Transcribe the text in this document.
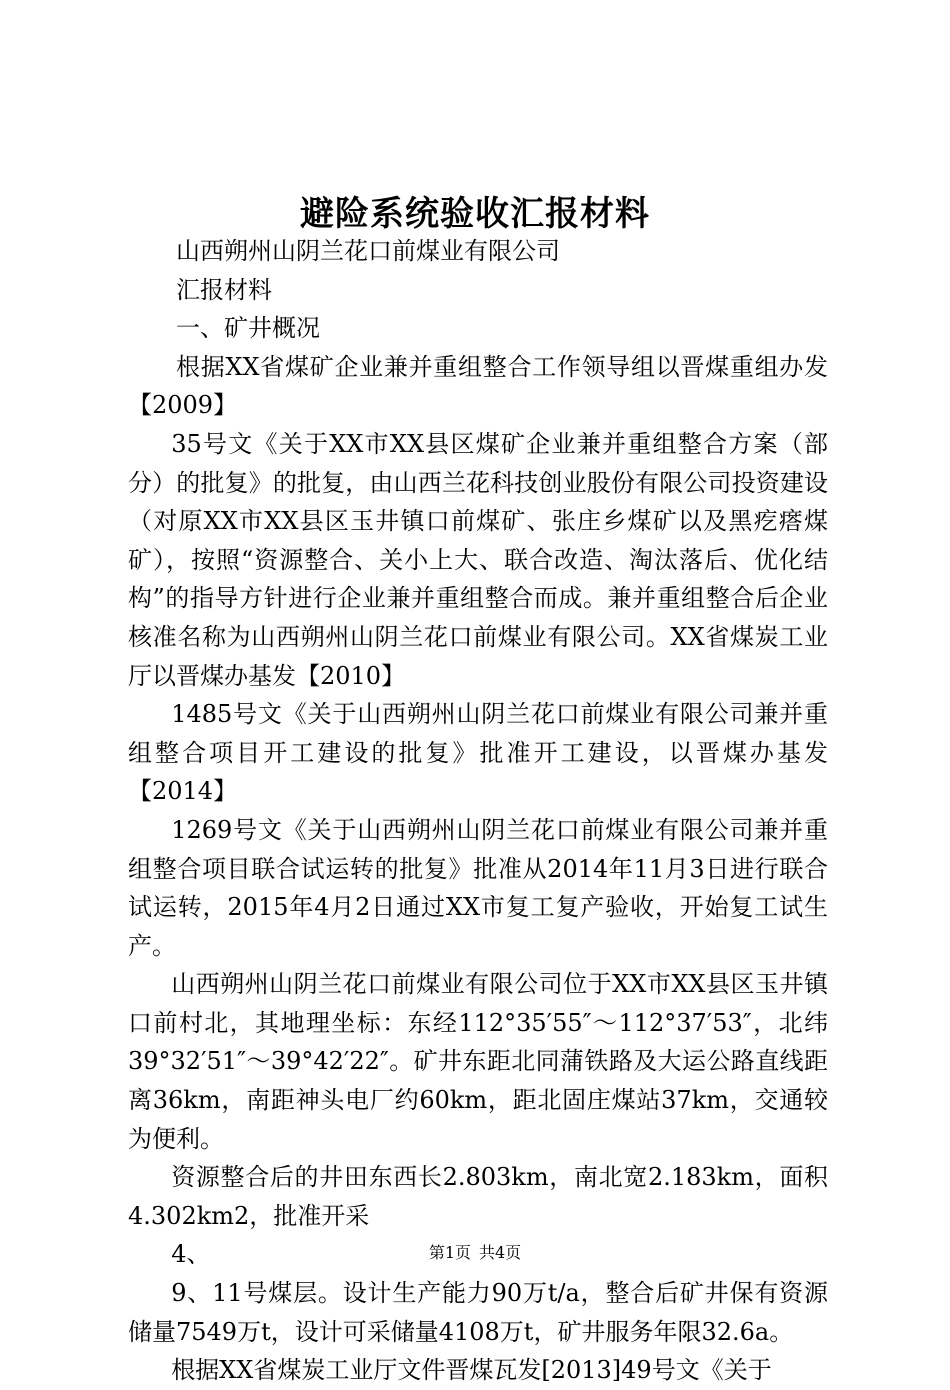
避险系统验收汇报材料

山西朔州山阴兰花口前煤业有限公司

汇报材料

一、矿井概况

根据XX省煤矿企业兼并重组整合工作领导组以晋煤重组办发【2009】

35号文《关于XX市XX县区煤矿企业兼并重组整合方案（部分）的批复》的批复，由山西兰花科技创业股份有限公司投资建设（对原XX市XX县区玉井镇口前煤矿、张庄乡煤矿以及黑疙瘩煤矿），按照“资源整合、关小上大、联合改造、淘汰落后、优化结构”的指导方针进行企业兼并重组整合而成。兼并重组整合后企业核准名称为山西朔州山阴兰花口前煤业有限公司。XX省煤炭工业厅以晋煤办基发【2010】

1485号文《关于山西朔州山阴兰花口前煤业有限公司兼并重组整合项目开工建设的批复》批准开工建设，以晋煤办基发【2014】

1269号文《关于山西朔州山阴兰花口前煤业有限公司兼并重组整合项目联合试运转的批复》批准从2014年11月3日进行联合试运转，2015年4月2日通过XX市复工复产验收，开始复工试生产。

山西朔州山阴兰花口前煤业有限公司位于XX市XX县区玉井镇口前村北，其地理坐标：东经112°35′55″～112°37′53″，北纬39°32′51″～39°42′22″。矿井东距北同蒲铁路及大运公路直线距离36km，南距神头电厂约60km，距北固庄煤站37km，交通较为便利。

资源整合后的井田东西长2.803km，南北宽2.183km，面积4.302km2，批准开采

4、

9、11号煤层。设计生产能力90万t/a，整合后矿井保有资源储量7549万t，设计可采储量4108万t，矿井服务年限32.6a。

根据XX省煤炭工业厅文件晋煤瓦发[2013]49号文《关于

第1页 共4页
